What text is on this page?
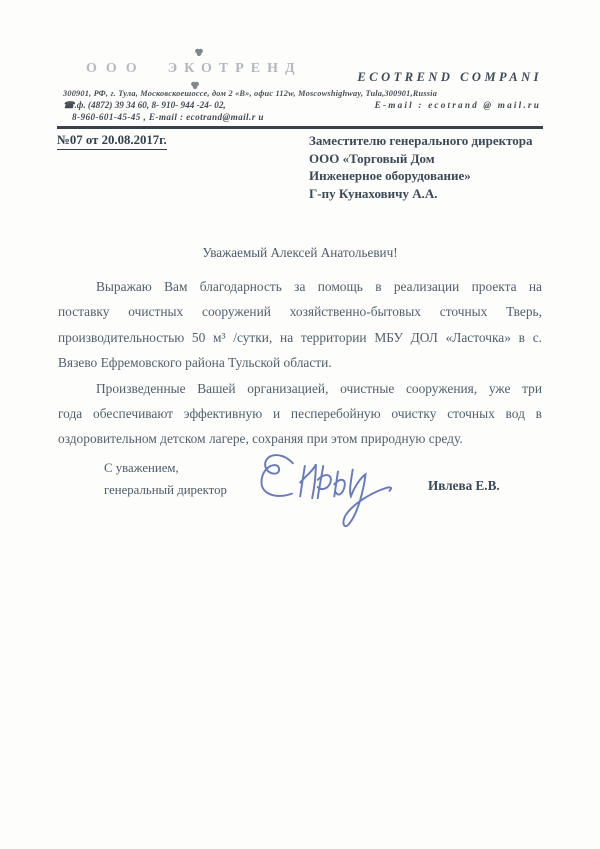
ООО ЭКОТРЕНД
ECOTREND COMPANI
300901, РФ, г. Тула, Московскоешоссе, дом 2 «В», офис 112w, Moscowshighway, Tula,300901,Russia
☎.ф. (4872) 39 34 60, 8- 910- 944 -24- 02,	E-mail : ecotrand @ mail.ru
8-960-601-45-45 , E-mail : ecotrand@mail.r u
№07 от 20.08.2017г.	Заместителю генерального директора
ООО «Торговый Дом
Инженерное оборудование»
Г-пу Кунаховичу А.А.
Уважаемый Алексей Анатольевич!
Выражаю Вам благодарность за помощь в реализации проекта на
поставку очистных сооружений хозяйственно-бытовых сточных Тверь,
производительностью 50 м³ /сутки, на территории МБУ ДОЛ «Ласточка» в с.
Вязево Ефремовского района Тульской области.
Произведенные Вашей организацией, очистные сооружения, уже три
года обеспечивают эффективную и песперебойную очистку сточных вод в
оздоровительном детском лагере, сохраняя при этом природную среду.
С уважением,
генеральный директор	Ивлева Е.В.
